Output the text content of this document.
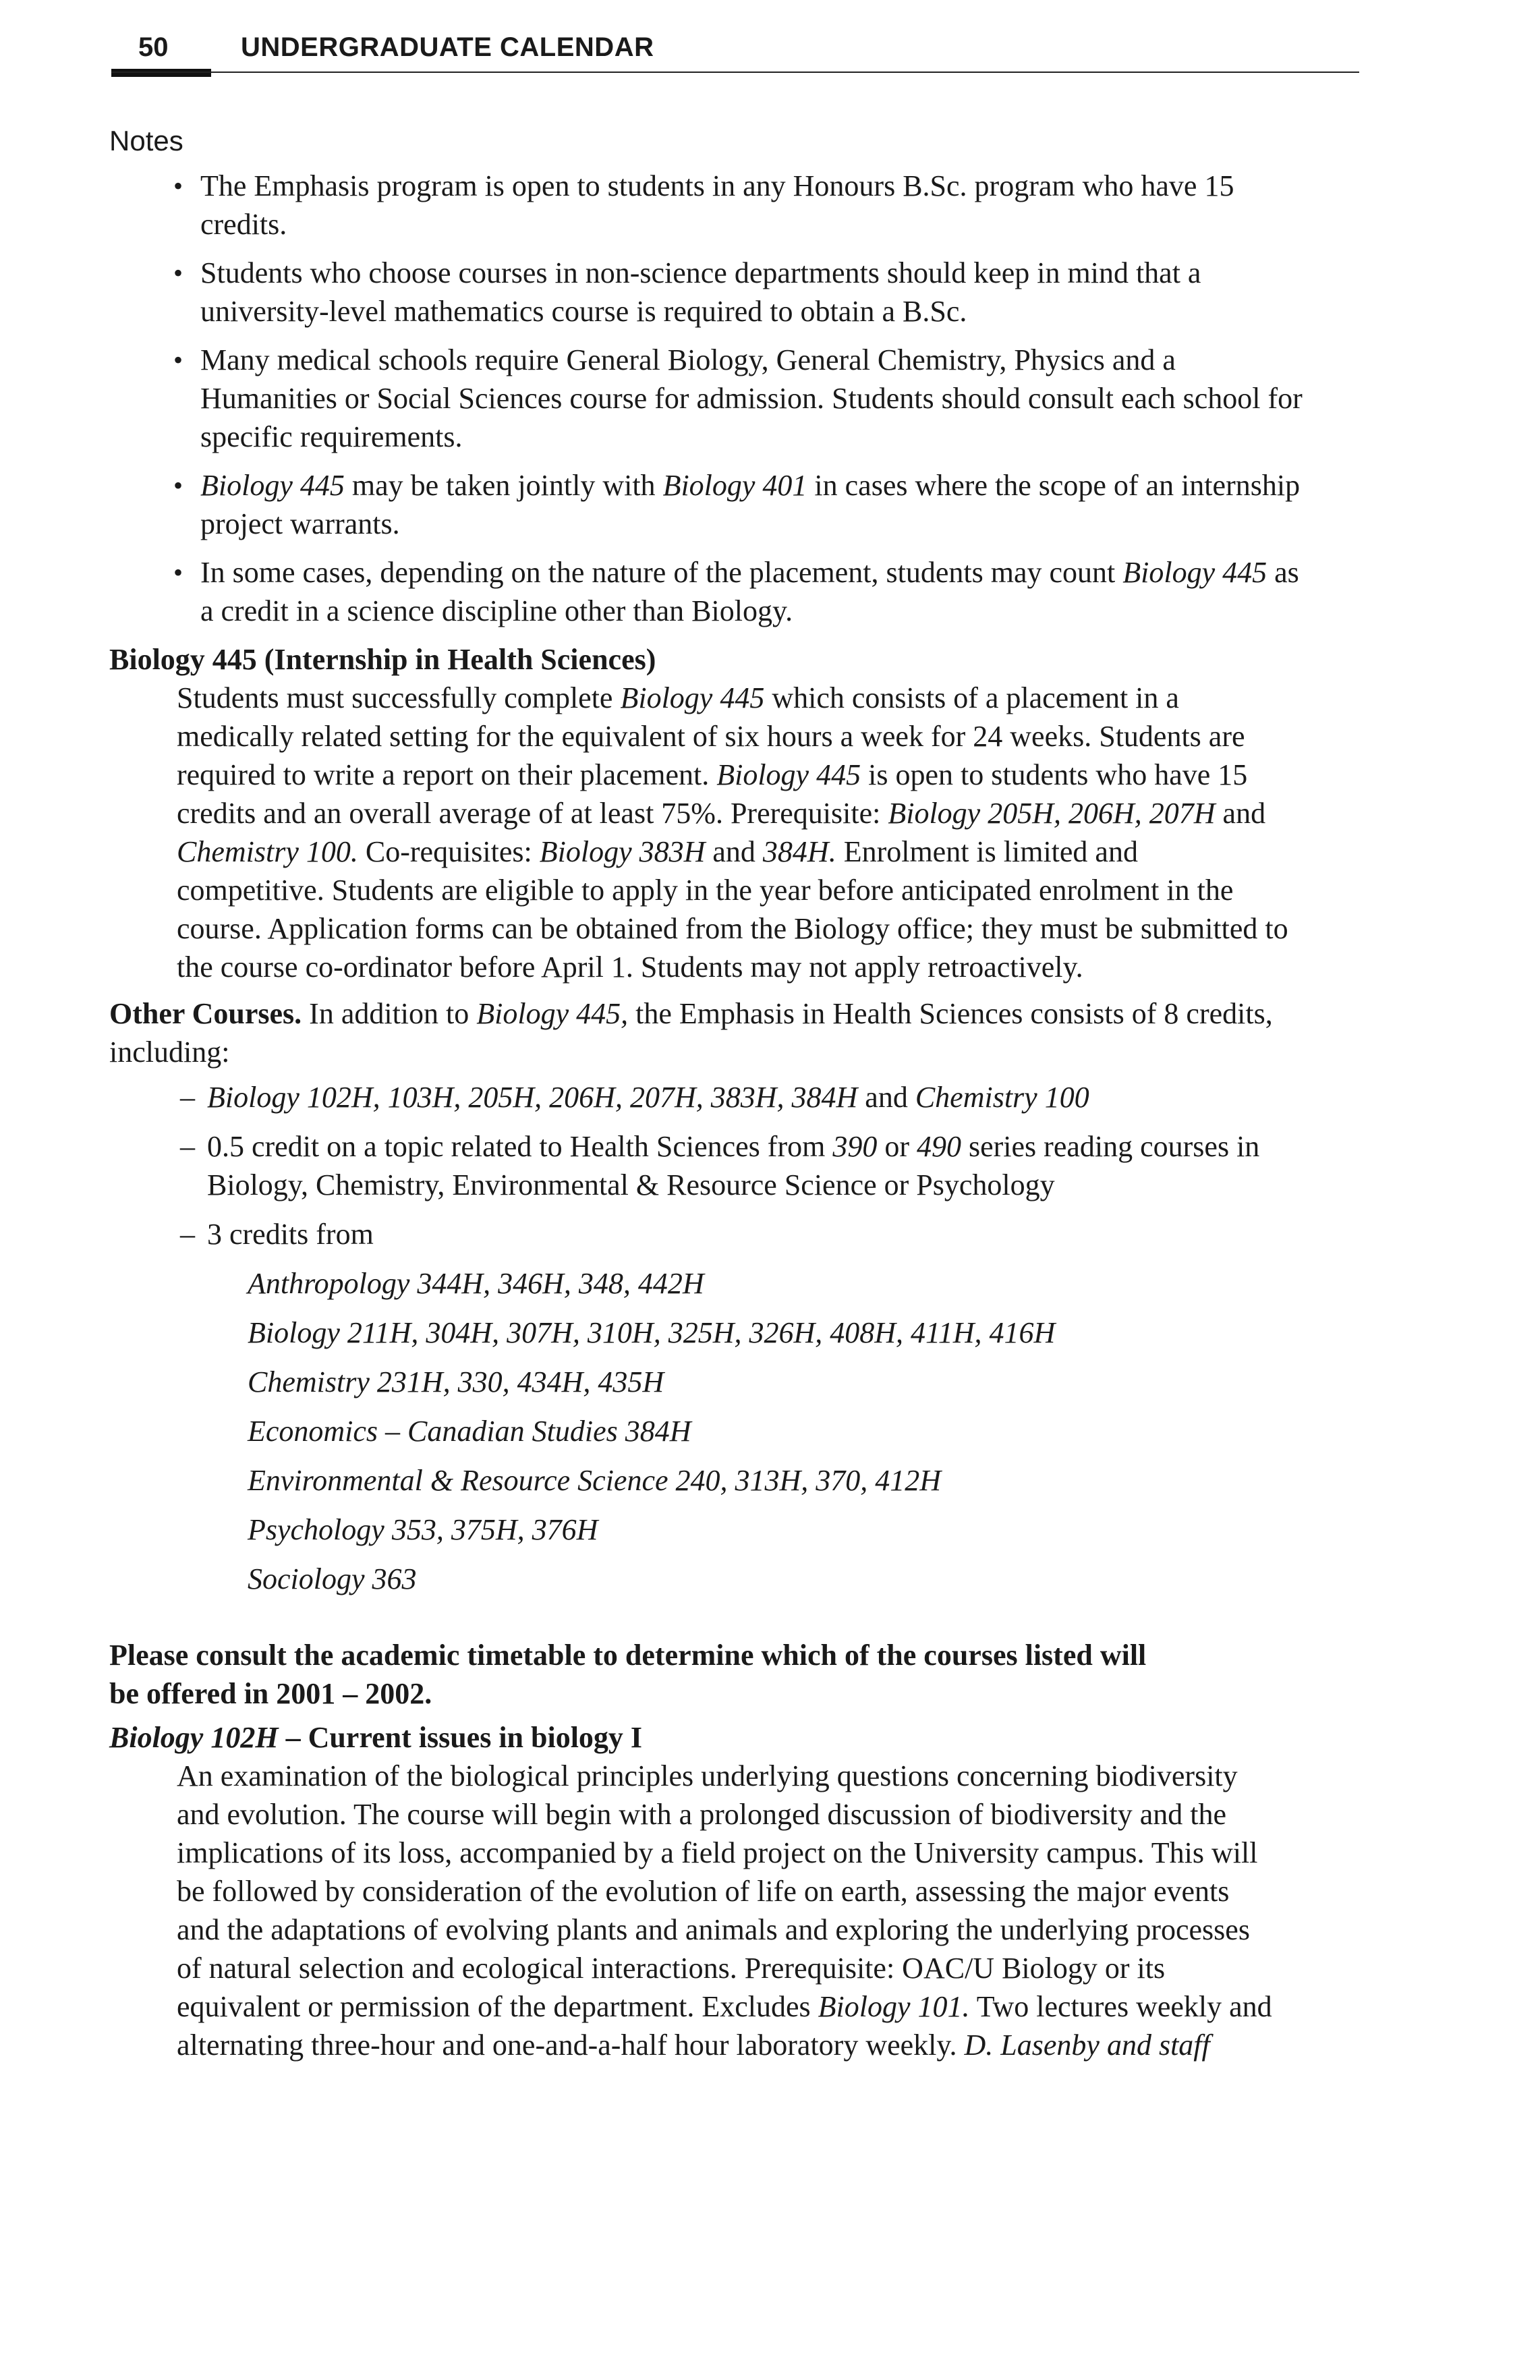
50	UNDERGRADUATE CALENDAR
Notes
• The Emphasis program is open to students in any Honours B.Sc. program who have 15 credits.
• Students who choose courses in non-science departments should keep in mind that a university-level mathematics course is required to obtain a B.Sc.
• Many medical schools require General Biology, General Chemistry, Physics and a Humanities or Social Sciences course for admission. Students should consult each school for specific requirements.
• Biology 445 may be taken jointly with Biology 401 in cases where the scope of an internship project warrants.
• In some cases, depending on the nature of the placement, students may count Biology 445 as a credit in a science discipline other than Biology.
Biology 445 (Internship in Health Sciences)
Students must successfully complete Biology 445 which consists of a placement in a medically related setting for the equivalent of six hours a week for 24 weeks. Students are required to write a report on their placement. Biology 445 is open to students who have 15 credits and an overall average of at least 75%. Prerequisite: Biology 205H, 206H, 207H and Chemistry 100. Co-requisites: Biology 383H and 384H. Enrolment is limited and competitive. Students are eligible to apply in the year before anticipated enrolment in the course. Application forms can be obtained from the Biology office; they must be submitted to the course co-ordinator before April 1. Students may not apply retroactively.
Other Courses. In addition to Biology 445, the Emphasis in Health Sciences consists of 8 credits, including:
– Biology 102H, 103H, 205H, 206H, 207H, 383H, 384H and Chemistry 100
– 0.5 credit on a topic related to Health Sciences from 390 or 490 series reading courses in Biology, Chemistry, Environmental & Resource Science or Psychology
– 3 credits from
Anthropology 344H, 346H, 348, 442H
Biology 211H, 304H, 307H, 310H, 325H, 326H, 408H, 411H, 416H
Chemistry 231H, 330, 434H, 435H
Economics – Canadian Studies 384H
Environmental & Resource Science 240, 313H, 370, 412H
Psychology 353, 375H, 376H
Sociology 363
Please consult the academic timetable to determine which of the courses listed will be offered in 2001 – 2002.
Biology 102H – Current issues in biology I
An examination of the biological principles underlying questions concerning biodiversity and evolution. The course will begin with a prolonged discussion of biodiversity and the implications of its loss, accompanied by a field project on the University campus. This will be followed by consideration of the evolution of life on earth, assessing the major events and the adaptations of evolving plants and animals and exploring the underlying processes of natural selection and ecological interactions. Prerequisite: OAC/U Biology or its equivalent or permission of the department. Excludes Biology 101. Two lectures weekly and alternating three-hour and one-and-a-half hour laboratory weekly. D. Lasenby and staff
